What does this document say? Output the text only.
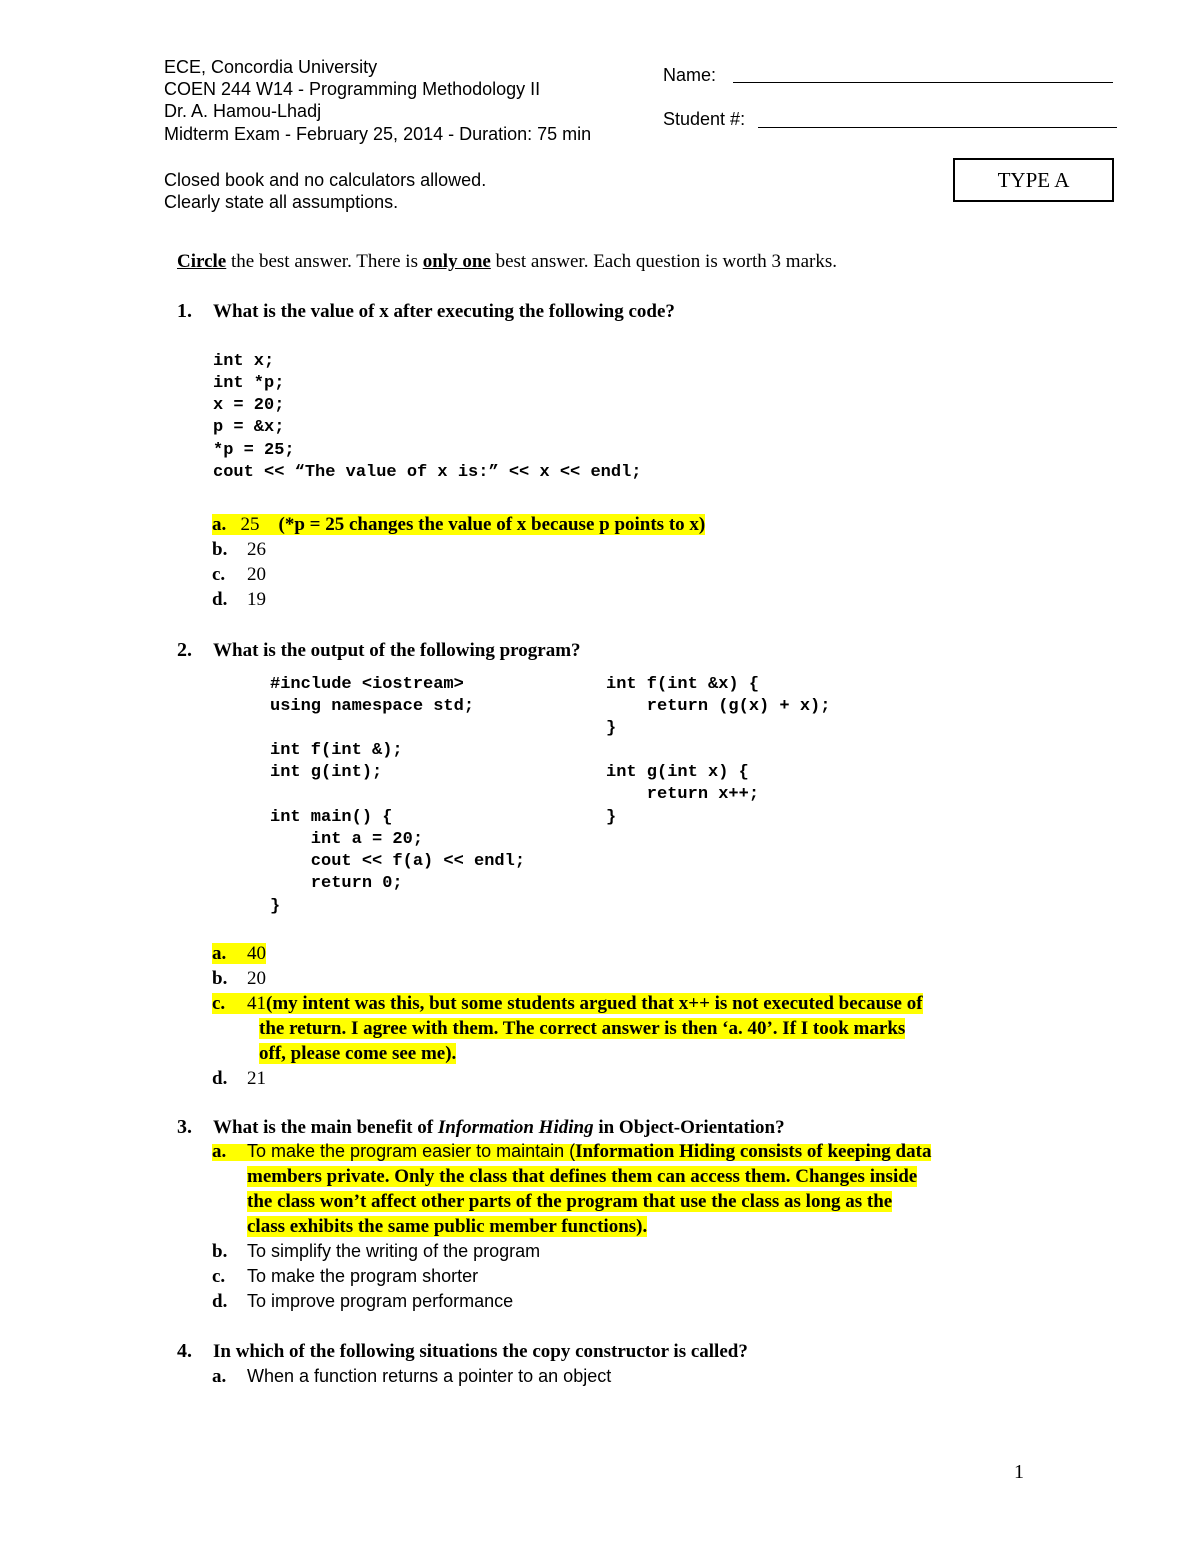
ECE, Concordia University
COEN 244 W14 - Programming Methodology II
Dr. A. Hamou-Lhadj
Midterm Exam - February 25, 2014 - Duration: 75 min
Closed book and no calculators allowed.
Clearly state all assumptions.
Name:
Student #:
TYPE A
Circle the best answer. There is only one best answer. Each question is worth 3 marks.
1. What is the value of x after executing the following code?
int x;
int *p;
x = 20;
p = &x;
*p = 25;
cout << “The value of x is:” << x << endl;
a. 25 (*p = 25 changes the value of x because p points to x)
b. 26
c. 20
d. 19
2. What is the output of the following program?
#include <iostream>
using namespace std;
int f(int &);
int g(int);
int main() {
int a = 20;
cout << f(a) << endl;
return 0;
}
int f(int &x) {
return (g(x) + x);
}
int g(int x) {
return x++;
}
a. 40
b. 20
c. 41(my intent was this, but some students argued that x++ is not executed because of
the return. I agree with them. The correct answer is then ‘a. 40’. If I took marks
off, please come see me).
d. 21
3. What is the main benefit of Information Hiding in Object-Orientation?
a. To make the program easier to maintain (Information Hiding consists of keeping data
members private. Only the class that defines them can access them. Changes inside
the class won’t affect other parts of the program that use the class as long as the
class exhibits the same public member functions).
b. To simplify the writing of the program
c. To make the program shorter
d. To improve program performance
4. In which of the following situations the copy constructor is called?
a. When a function returns a pointer to an object
1
